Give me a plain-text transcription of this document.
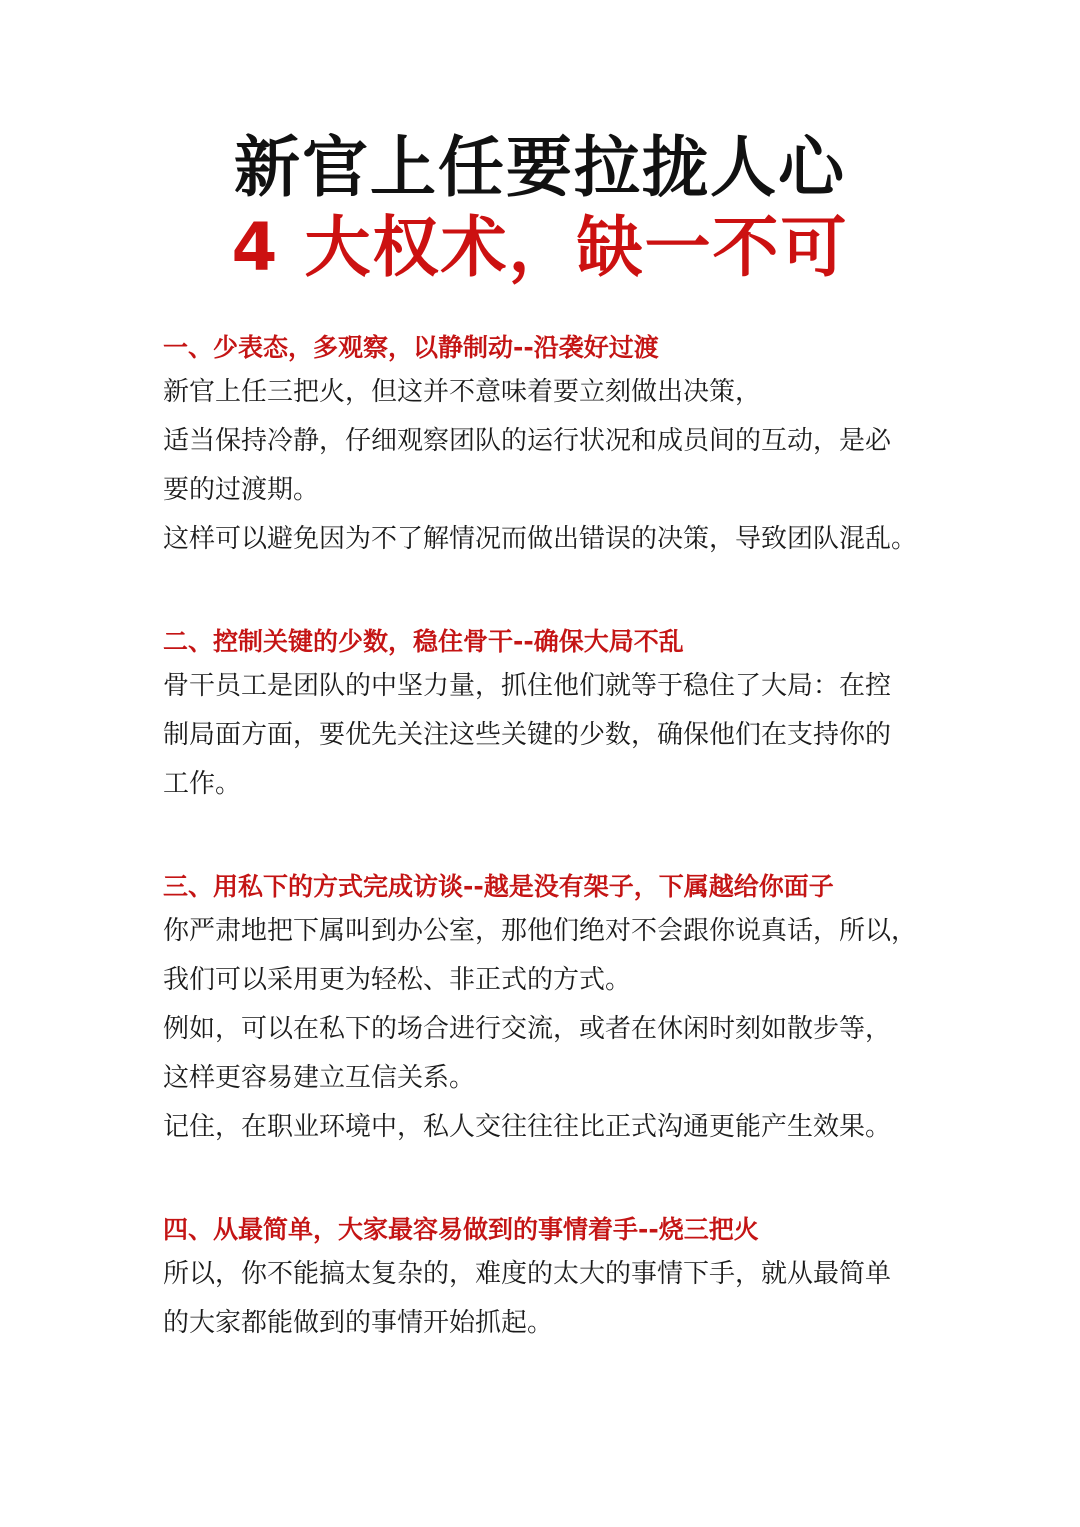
新官上任要拉拢人心
4 大权术，缺一不可
一、少表态，多观察，以静制动--沿袭好过渡
新官上任三把火，但这并不意味着要立刻做出决策，
适当保持冷静，仔细观察团队的运行状况和成员间的互动，是必
要的过渡期。
这样可以避免因为不了解情况而做出错误的决策，导致团队混乱。
二、控制关键的少数，稳住骨干--确保大局不乱
骨干员工是团队的中坚力量，抓住他们就等于稳住了大局：在控
制局面方面，要优先关注这些关键的少数，确保他们在支持你的
工作。
三、用私下的方式完成访谈--越是没有架子，下属越给你面子
你严肃地把下属叫到办公室，那他们绝对不会跟你说真话，所以，
我们可以采用更为轻松、非正式的方式。
例如，可以在私下的场合进行交流，或者在休闲时刻如散步等，
这样更容易建立互信关系。
记住，在职业环境中，私人交往往往比正式沟通更能产生效果。
四、从最简单，大家最容易做到的事情着手--烧三把火
所以，你不能搞太复杂的，难度的太大的事情下手，就从最简单
的大家都能做到的事情开始抓起。
